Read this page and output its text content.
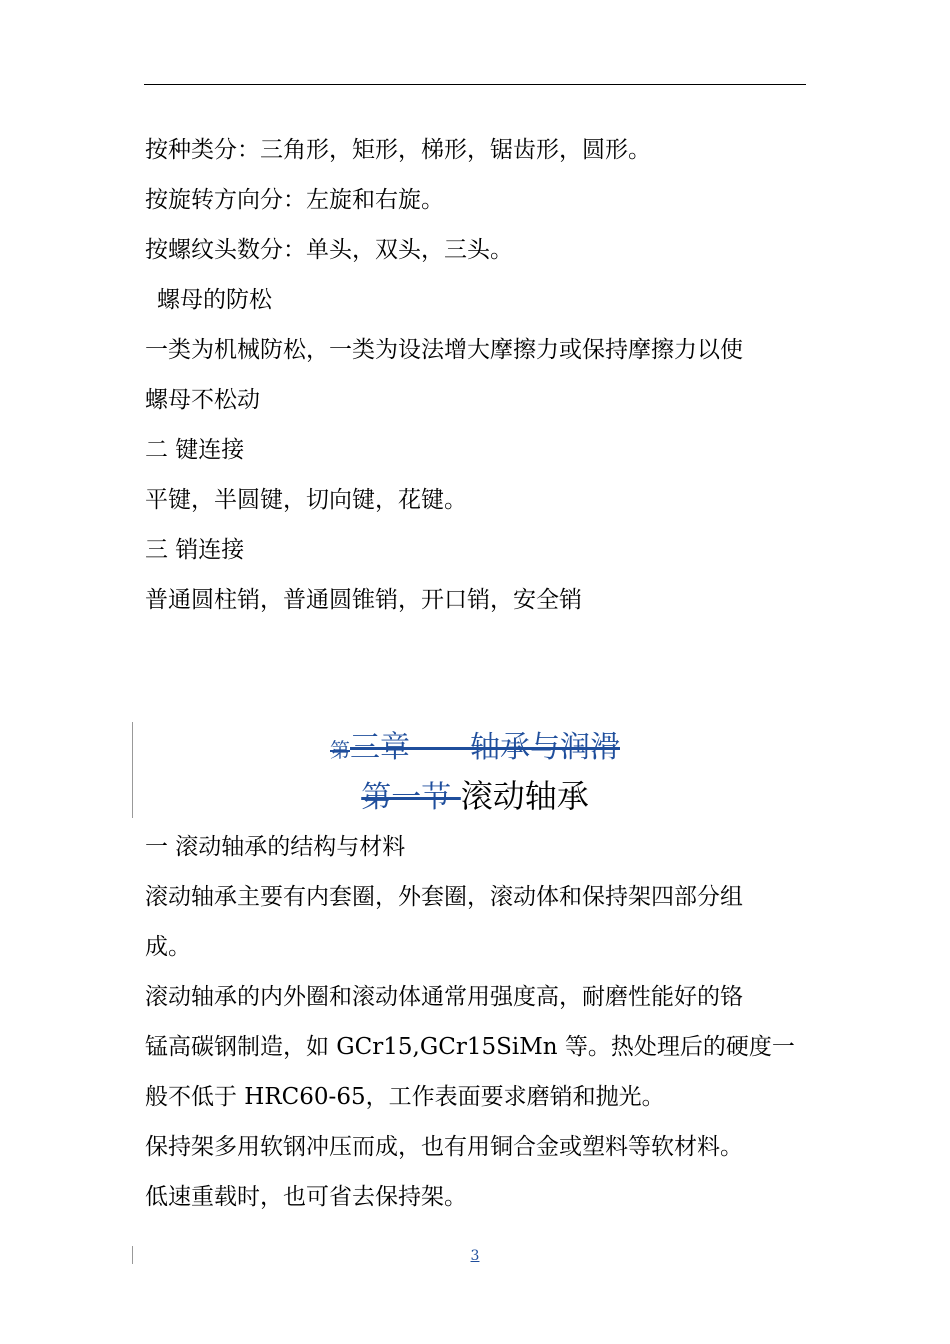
按种类分：三角形，矩形，梯形，锯齿形，圆形。
按旋转方向分：左旋和右旋。
按螺纹头数分：单头，双头，三头。
螺母的防松
一类为机械防松，一类为设法增大摩擦力或保持摩擦力以使
螺母不松动
二 键连接
平键，半圆键，切向键，花键。
三 销连接
普通圆柱销，普通圆锥销，开口销，安全销
第三章——轴承与润滑
第一节 滚动轴承
一 滚动轴承的结构与材料
滚动轴承主要有内套圈，外套圈，滚动体和保持架四部分组
成。
滚动轴承的内外圈和滚动体通常用强度高，耐磨性能好的铬
锰高碳钢制造，如 GCr15,GCr15SiMn 等。热处理后的硬度一
般不低于 HRC60-65，工作表面要求磨销和抛光。
保持架多用软钢冲压而成，也有用铜合金或塑料等软材料。
低速重载时，也可省去保持架。
3
